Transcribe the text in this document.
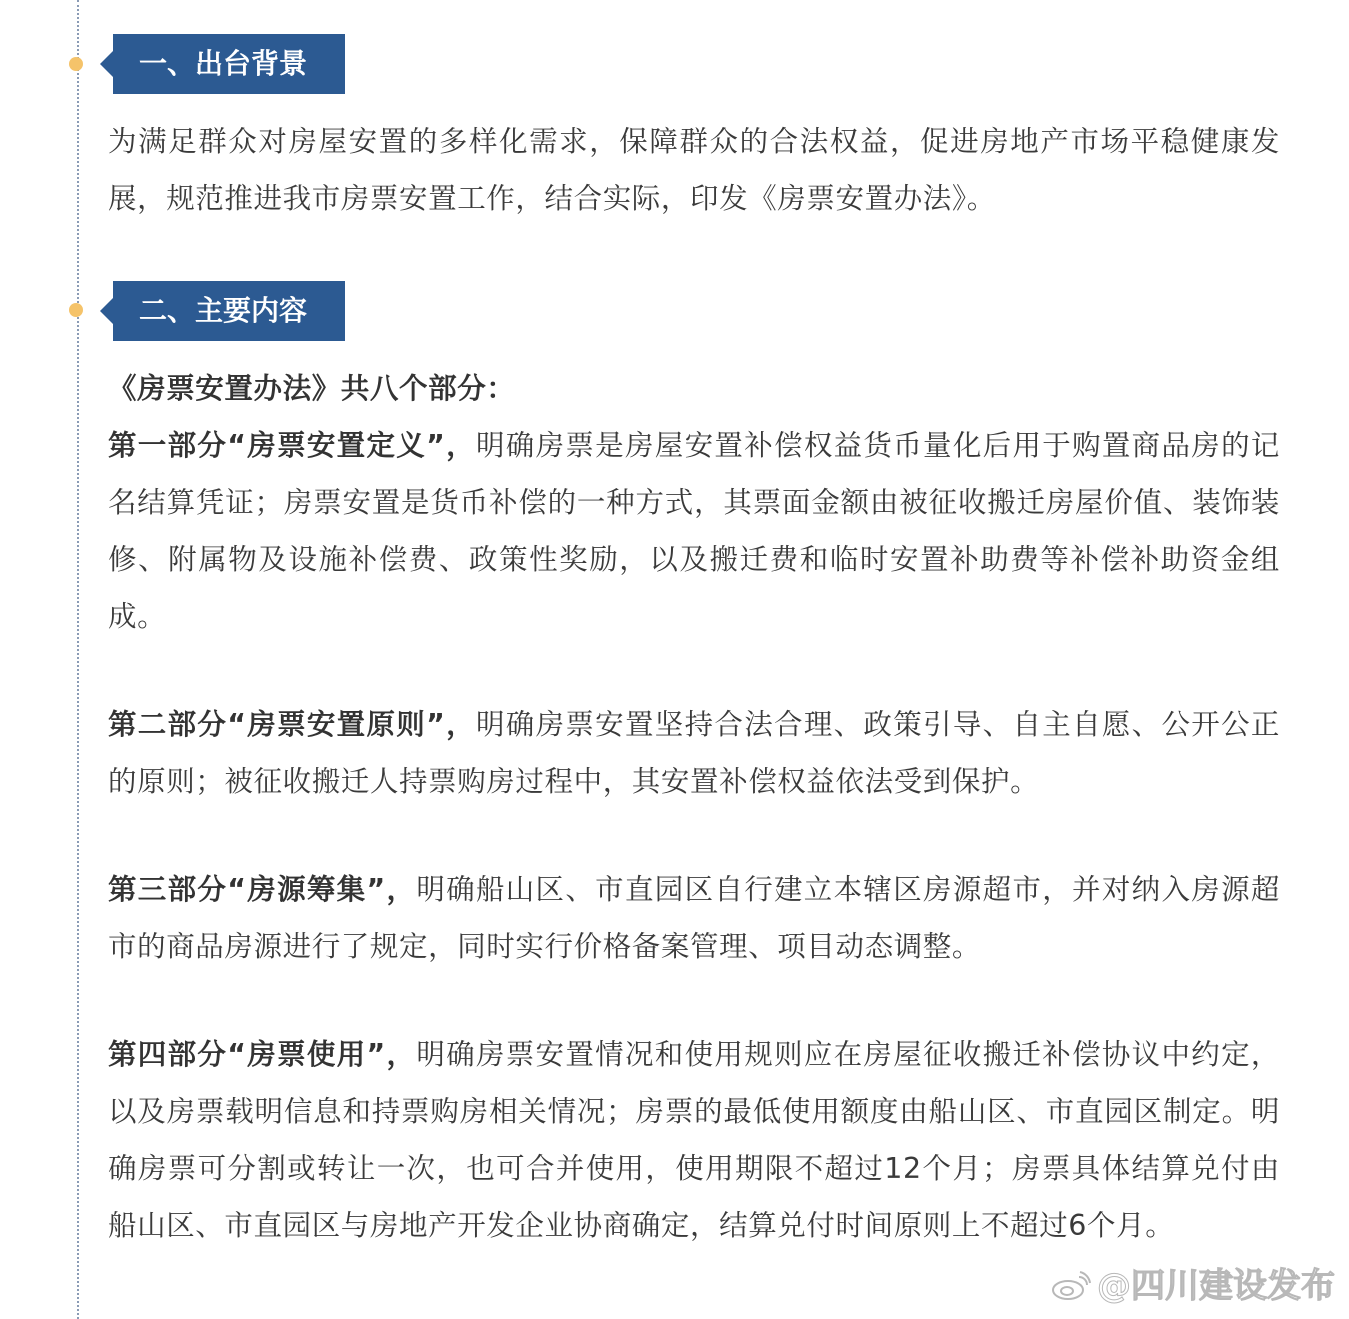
一、出台背景

为满足群众对房屋安置的多样化需求，保障群众的合法权益，促进房地产市场平稳健康发展，规范推进我市房票安置工作，结合实际，印发《房票安置办法》。

二、主要内容

《房票安置办法》共八个部分：

第一部分“房票安置定义”，明确房票是房屋安置补偿权益货币量化后用于购置商品房的记名结算凭证；房票安置是货币补偿的一种方式，其票面金额由被征收搬迁房屋价值、装饰装修、附属物及设施补偿费、政策性奖励，以及搬迁费和临时安置补助费等补偿补助资金组成。

第二部分“房票安置原则”，明确房票安置坚持合法合理、政策引导、自主自愿、公开公正的原则；被征收搬迁人持票购房过程中，其安置补偿权益依法受到保护。

第三部分“房源筹集”，明确船山区、市直园区自行建立本辖区房源超市，并对纳入房源超市的商品房源进行了规定，同时实行价格备案管理、项目动态调整。

第四部分“房票使用”，明确房票安置情况和使用规则应在房屋征收搬迁补偿协议中约定，以及房票载明信息和持票购房相关情况；房票的最低使用额度由船山区、市直园区制定。明确房票可分割或转让一次，也可合并使用，使用期限不超过12个月；房票具体结算兑付由船山区、市直园区与房地产开发企业协商确定，结算兑付时间原则上不超过6个月。

@四川建设发布
